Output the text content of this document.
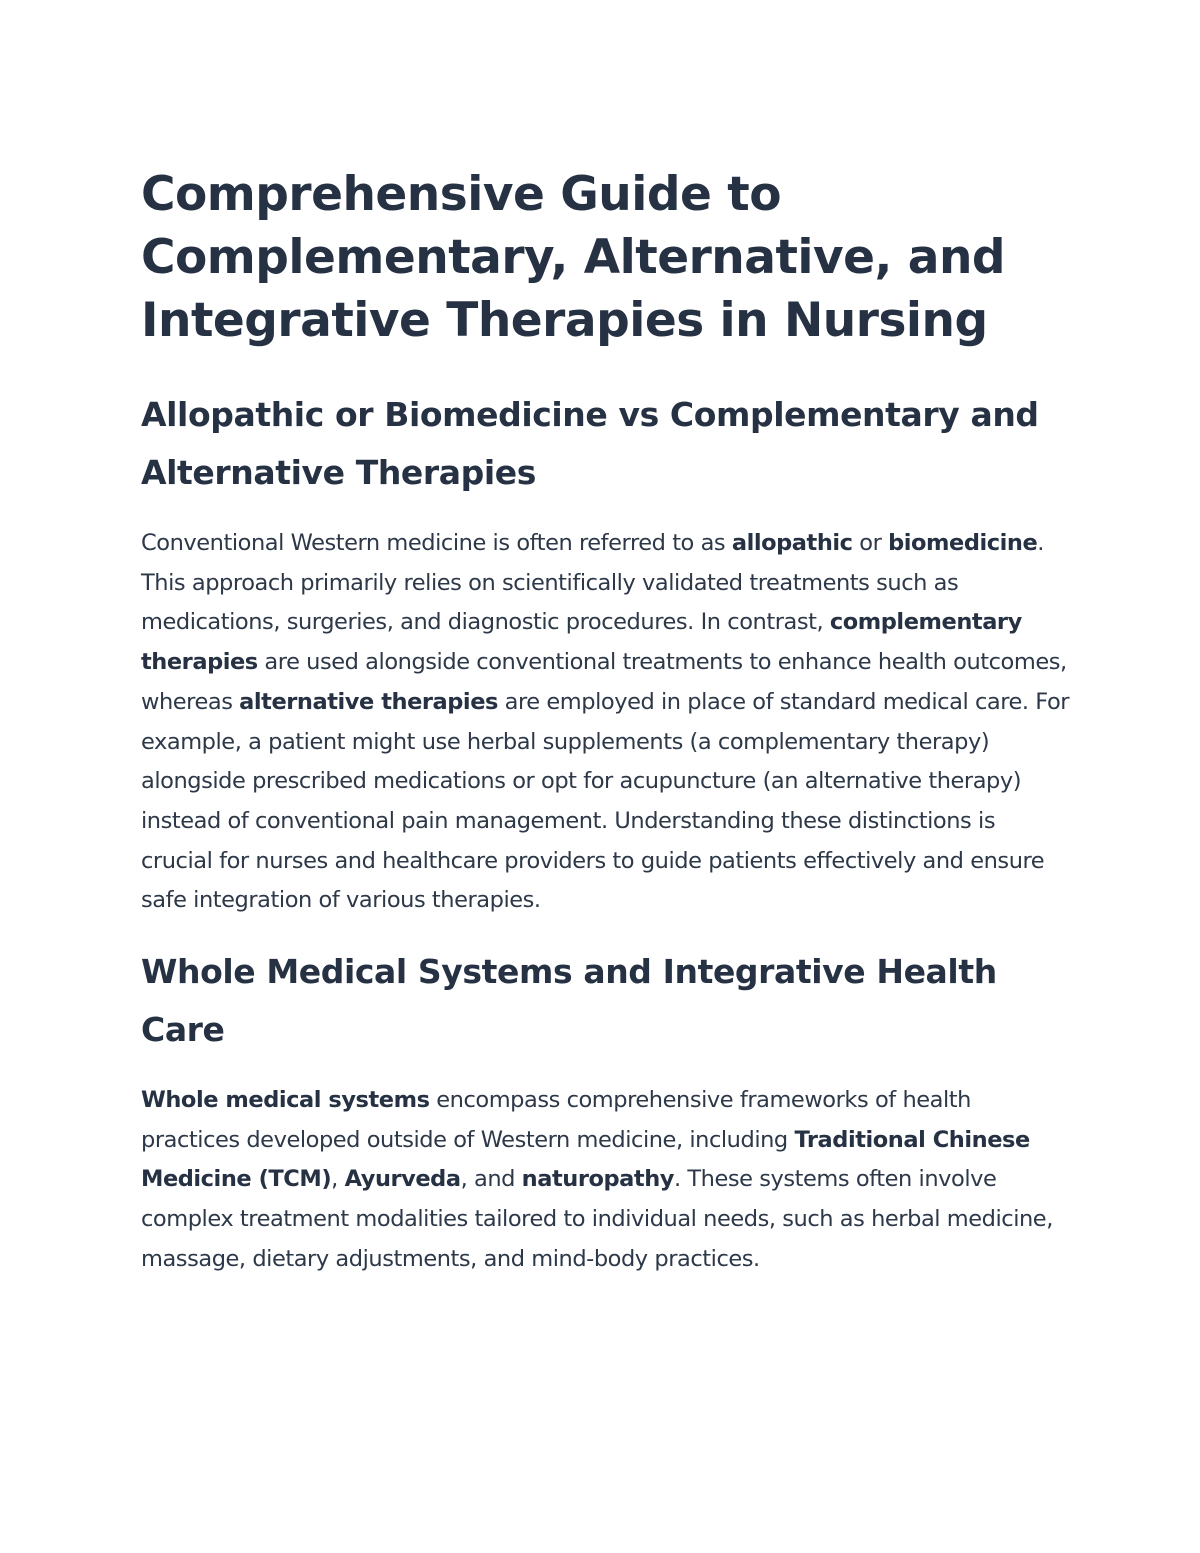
Comprehensive Guide to Complementary, Alternative, and Integrative Therapies in Nursing
Allopathic or Biomedicine vs Complementary and Alternative Therapies

Conventional Western medicine is often referred to as allopathic or biomedicine. This approach primarily relies on scientifically validated treatments such as medications, surgeries, and diagnostic procedures. In contrast, complementary therapies are used alongside conventional treatments to enhance health outcomes, whereas alternative therapies are employed in place of standard medical care. For example, a patient might use herbal supplements (a complementary therapy) alongside prescribed medications or opt for acupuncture (an alternative therapy) instead of conventional pain management. Understanding these distinctions is crucial for nurses and healthcare providers to guide patients effectively and ensure safe integration of various therapies.

Whole Medical Systems and Integrative Health Care

Whole medical systems encompass comprehensive frameworks of health practices developed outside of Western medicine, including Traditional Chinese Medicine (TCM), Ayurveda, and naturopathy. These systems often involve complex treatment modalities tailored to individual needs, such as herbal medicine, massage, dietary adjustments, and mind-body practices.
